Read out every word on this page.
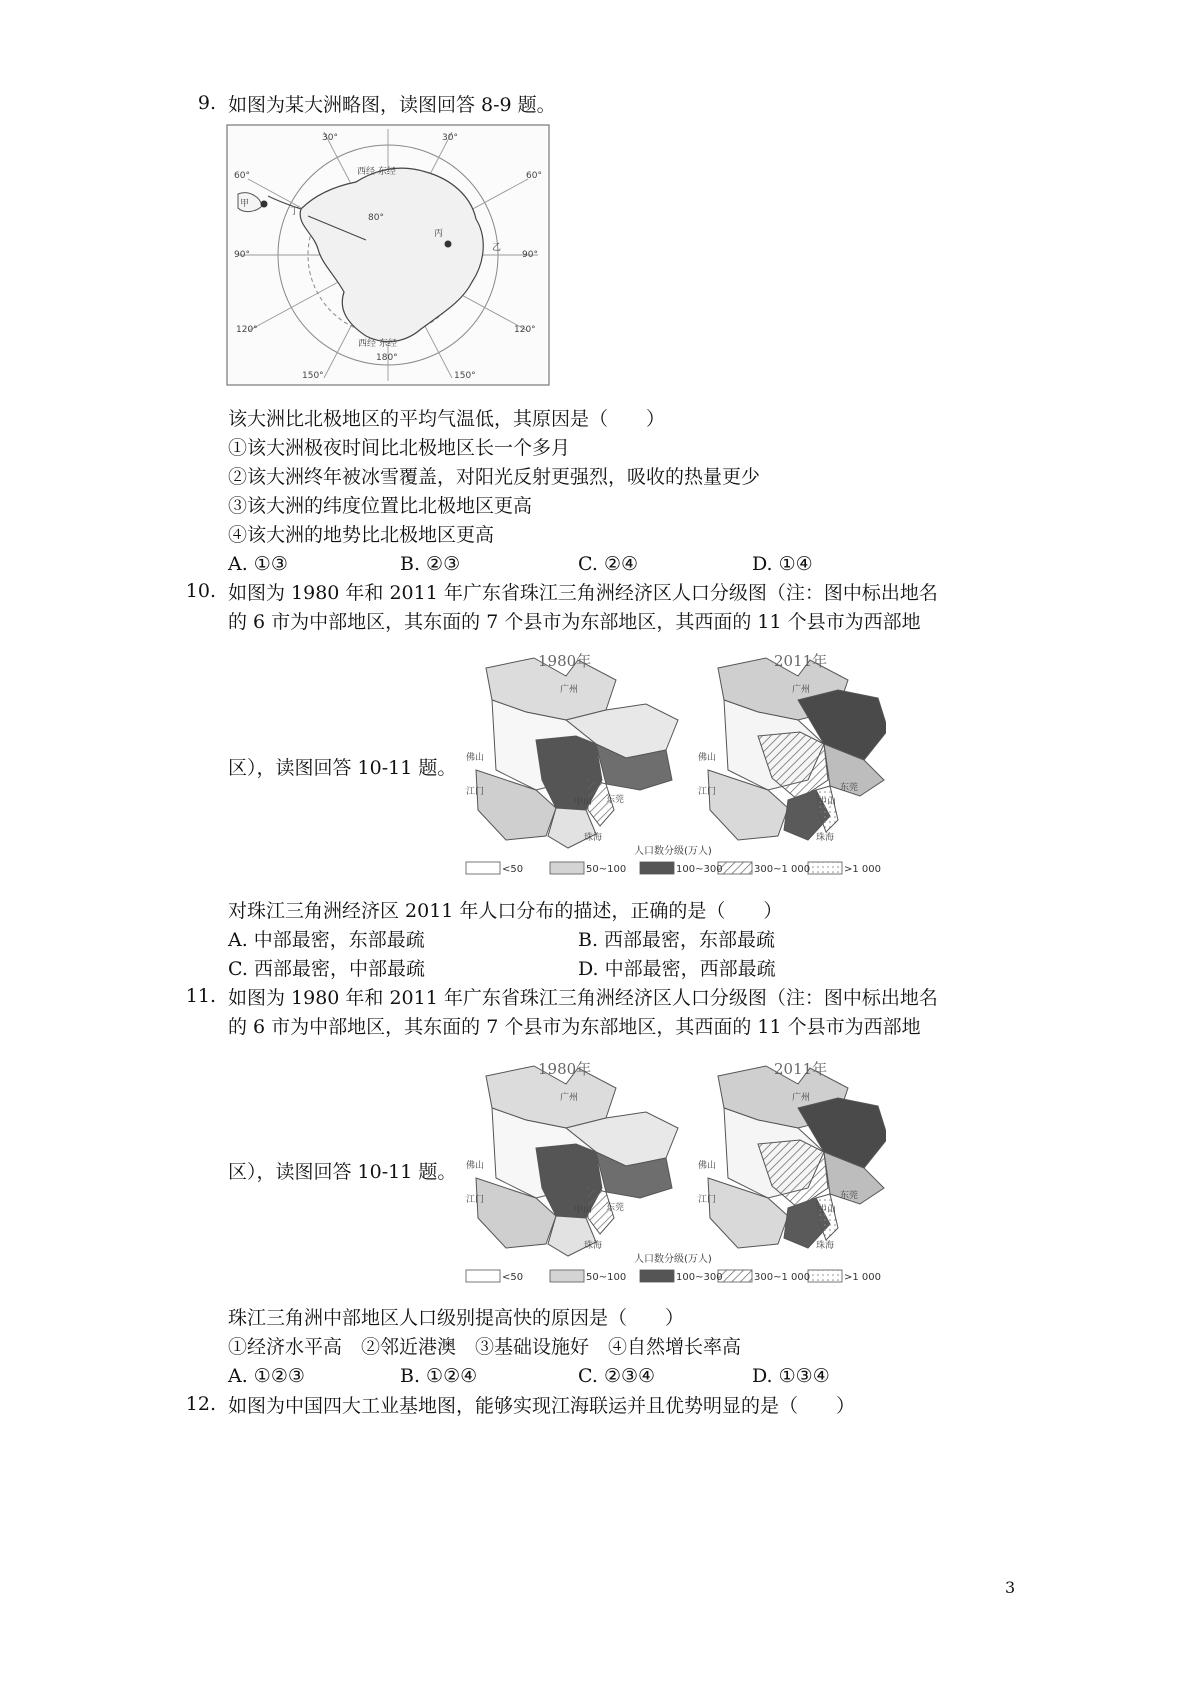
9. 如图为某大洲略图，读图回答 8-9 题。
西经 东经
西经 东经
30°	30°
60°	60°
90°	90°
120°	120°
150°	150°
180°
80°
甲
乙
丙
丁
该大洲比北极地区的平均气温低，其原因是（　　）
①该大洲极夜时间比北极地区长一个多月
②该大洲终年被冰雪覆盖，对阳光反射更强烈，吸收的热量更少
③该大洲的纬度位置比北极地区更高
④该大洲的地势比北极地区更高
A. ①③	B. ②③	C. ②④	D. ①④
10. 如图为 1980 年和 2011 年广东省珠江三角洲经济区人口分级图（注：图中标出地名
的 6 市为中部地区，其东面的 7 个县市为东部地区，其西面的 11 个县市为西部地
区），读图回答 10-11 题。
1980年	2011年
广州	广州
佛山	佛山
江门	江门
中山	中山
东莞
东莞
珠海	珠海
人口数分级(万人)
<50	50~100	100~300	300~1 000	>1 000
对珠江三角洲经济区 2011 年人口分布的描述，正确的是（　　）
A. 中部最密，东部最疏	B. 西部最密，东部最疏
C. 西部最密，中部最疏	D. 中部最密，西部最疏
11. 如图为 1980 年和 2011 年广东省珠江三角洲经济区人口分级图（注：图中标出地名
的 6 市为中部地区，其东面的 7 个县市为东部地区，其西面的 11 个县市为西部地
区），读图回答 10-11 题。
1980年	2011年
广州	广州
佛山	佛山
江门	江门
中山	中山
东莞
东莞
珠海	珠海
人口数分级(万人)
<50	50~100	100~300	300~1 000	>1 000
珠江三角洲中部地区人口级别提高快的原因是（　　）
①经济水平高　②邻近港澳　③基础设施好　④自然增长率高
A. ①②③	B. ①②④	C. ②③④	D. ①③④
12. 如图为中国四大工业基地图，能够实现江海联运并且优势明显的是（　　）
3
